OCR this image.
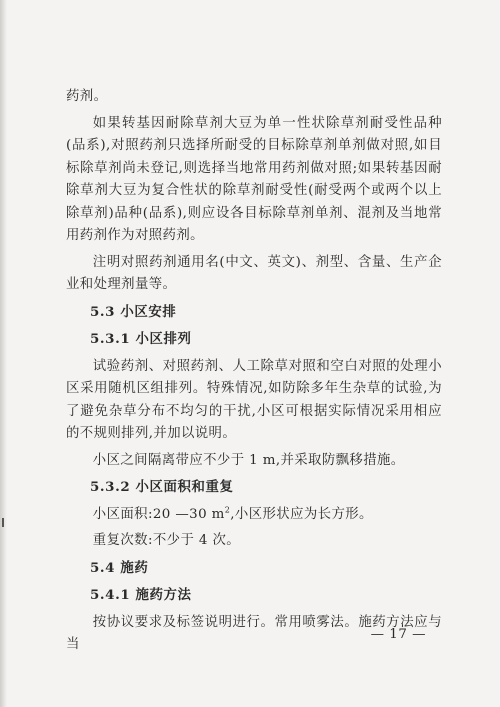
药剂。

如果转基因耐除草剂大豆为单一性状除草剂耐受性品种(品系),对照药剂只选择所耐受的目标除草剂单剂做对照,如目标除草剂尚未登记,则选择当地常用药剂做对照;如果转基因耐除草剂大豆为复合性状的除草剂耐受性(耐受两个或两个以上除草剂)品种(品系),则应设各目标除草剂单剂、混剂及当地常用药剂作为对照药剂。

注明对照药剂通用名(中文、英文)、剂型、含量、生产企业和处理剂量等。

5.3 小区安排
5.3.1 小区排列

试验药剂、对照药剂、人工除草对照和空白对照的处理小区采用随机区组排列。特殊情况,如防除多年生杂草的试验,为了避免杂草分布不均匀的干扰,小区可根据实际情况采用相应的不规则排列,并加以说明。

小区之间隔离带应不少于 1 m,并采取防飘移措施。

5.3.2 小区面积和重复

小区面积:20 —30 $m^2$,小区形状应为长方形。

重复次数:不少于 4 次。

5.4 施药
5.4.1 施药方法

按协议要求及标签说明进行。常用喷雾法。施药方法应与当

— 17 —
